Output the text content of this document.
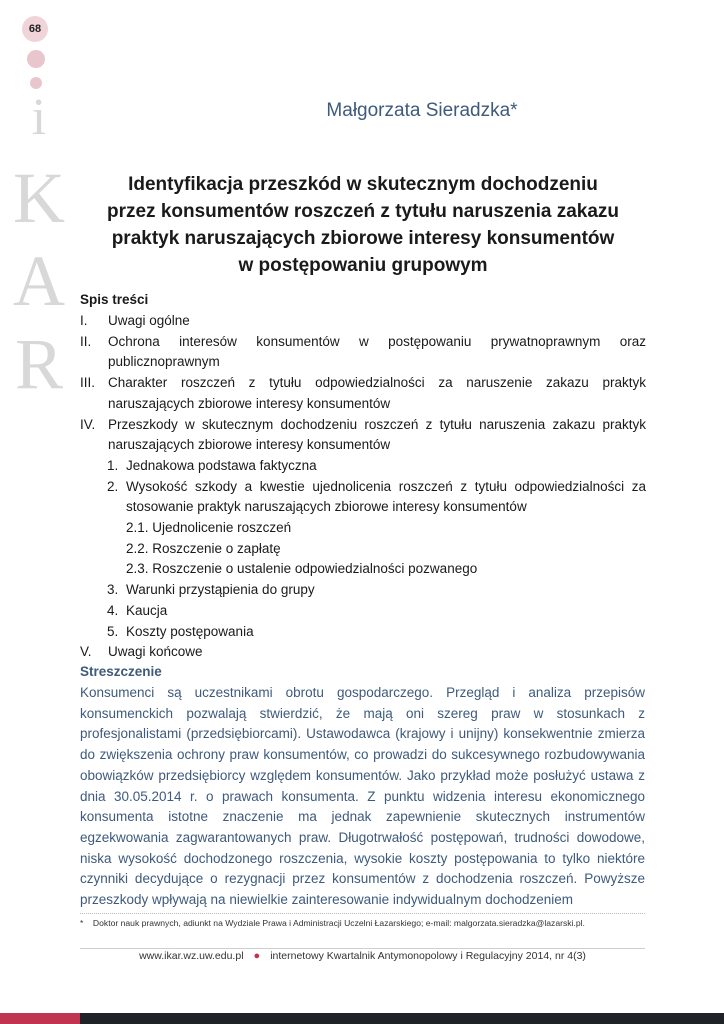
68
i
K
A
R
Małgorzata Sieradzka*
Identyfikacja przeszkód w skutecznym dochodzeniu
przez konsumentów roszczeń z tytułu naruszenia zakazu
praktyk naruszających zbiorowe interesy konsumentów
w postępowaniu grupowym
Spis treści
I.	Uwagi ogólne
II.	Ochrona interesów konsumentów w postępowaniu prywatnoprawnym oraz publicznoprawnym
III. Charakter roszczeń z tytułu odpowiedzialności za naruszenie zakazu praktyk naruszających zbiorowe interesy konsumentów
IV. Przeszkody w skutecznym dochodzeniu roszczeń z tytułu naruszenia zakazu praktyk naruszających zbiorowe interesy konsumentów
1. Jednakowa podstawa faktyczna
2. Wysokość szkody a kwestie ujednolicenia roszczeń z tytułu odpowiedzialności za stosowanie praktyk naruszających zbiorowe interesy konsumentów
2.1. Ujednolicenie roszczeń
2.2. Roszczenie o zapłatę
2.3. Roszczenie o ustalenie odpowiedzialności pozwanego
3. Warunki przystąpienia do grupy
4. Kaucja
5. Koszty postępowania
V.	Uwagi końcowe
Streszczenie
Konsumenci są uczestnikami obrotu gospodarczego. Przegląd i analiza przepisów konsumenckich pozwalają stwierdzić, że mają oni szereg praw w stosunkach z profesjonalistami (przedsiębiorcami). Ustawodawca (krajowy i unijny) konsekwentnie zmierza do zwiększenia ochrony praw konsumentów, co prowadzi do sukcesywnego rozbudowywania obowiązków przedsiębiorcy względem konsumentów. Jako przykład może posłużyć ustawa z dnia 30.05.2014 r. o prawach konsumenta. Z punktu widzenia interesu ekonomicznego konsumenta istotne znaczenie ma jednak zapewnienie skutecznych instrumentów egzekwowania zagwarantowanych praw. Długotrwałość postępowań, trudności dowodowe, niska wysokość dochodzonego roszczenia, wysokie koszty postępowania to tylko niektóre czynniki decydujące o rezygnacji przez konsumentów z dochodzenia roszczeń. Powyższe przeszkody wpływają na niewielkie zainteresowanie indywidualnym dochodzeniem
* Doktor nauk prawnych, adiunkt na Wydziale Prawa i Administracji Uczelni Łazarskiego; e-mail: malgorzata.sieradzka@lazarski.pl.
www.ikar.wz.uw.edu.pl ● internetowy Kwartalnik Antymonopolowy i Regulacyjny 2014, nr 4(3)
